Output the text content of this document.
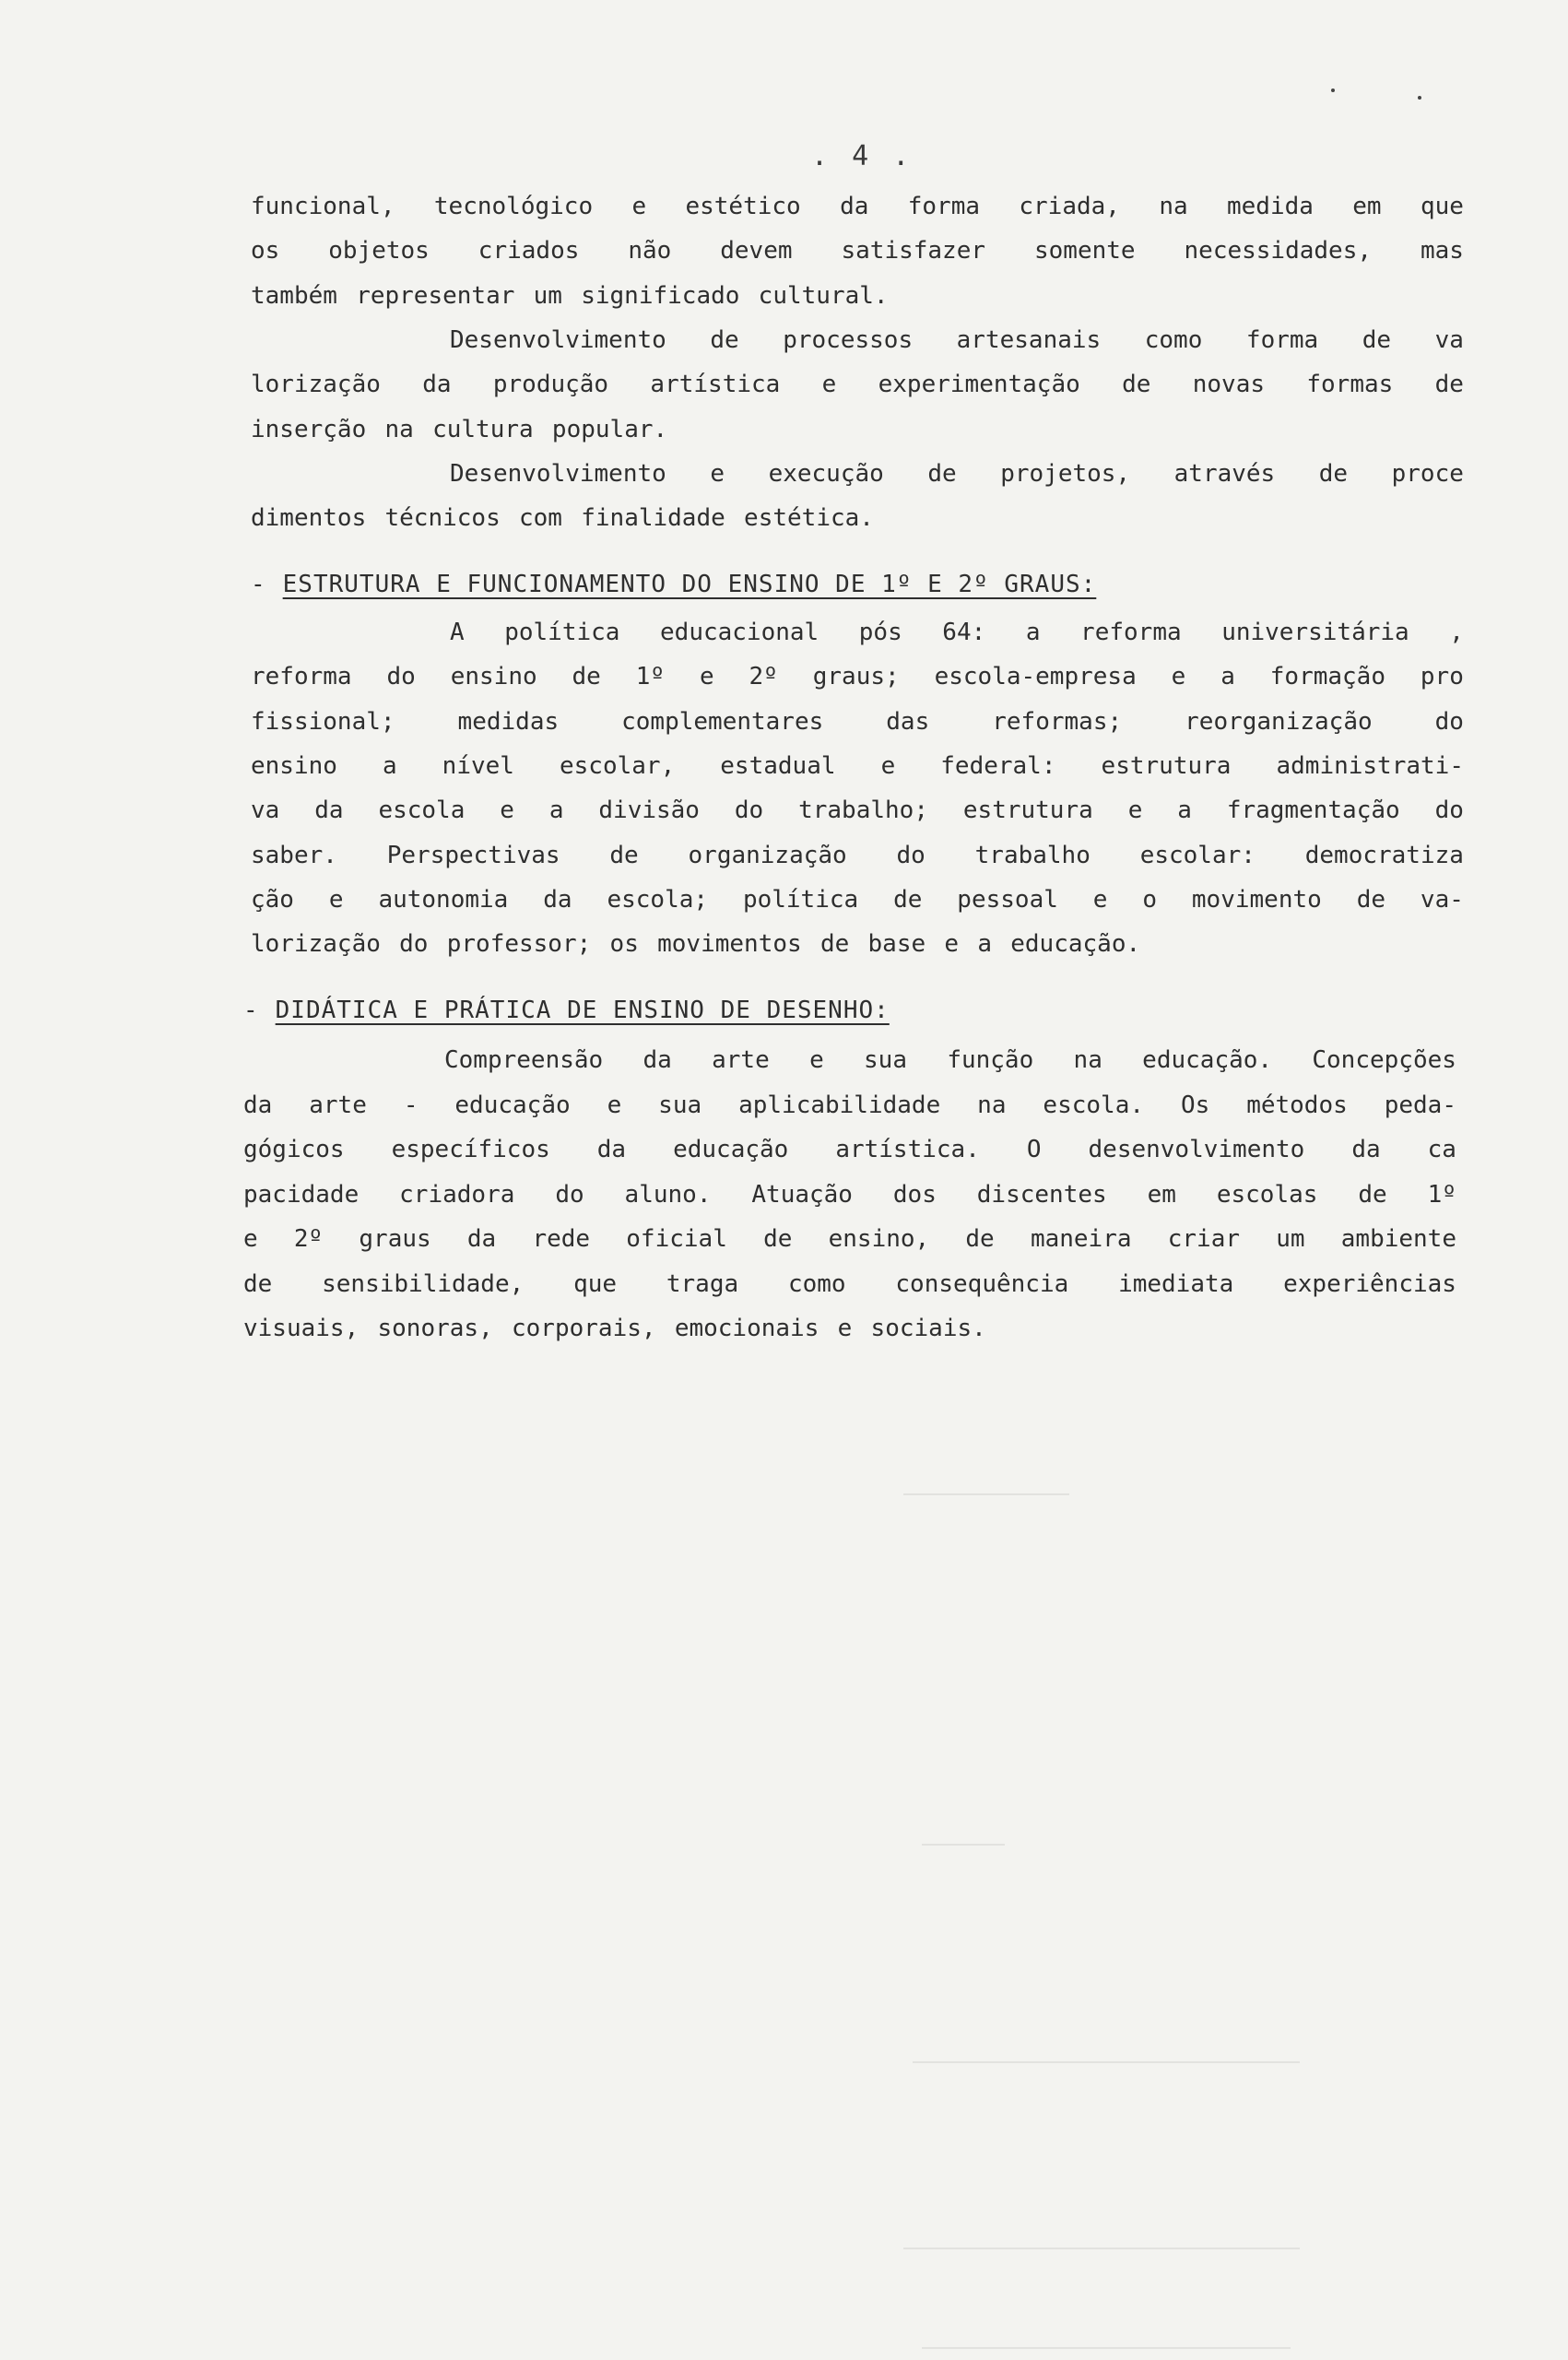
. 4 .
funcional, tecnológico e estético da forma criada, na medida em que
os objetos criados não devem satisfazer somente necessidades, mas
também representar um significado cultural.
Desenvolvimento de processos artesanais como forma de va
lorização da produção artística e experimentação de novas formas de
inserção na cultura popular.
Desenvolvimento e execução de projetos, através de proce
dimentos técnicos com finalidade estética.
- ESTRUTURA E FUNCIONAMENTO DO ENSINO DE 1º E 2º GRAUS:
A política educacional pós 64: a reforma universitária ,
reforma do ensino de 1º e 2º graus; escola-empresa e a formação pro
fissional;	medidas	complementares	das	reformas;	reorganização	do
ensino a nível escolar, estadual e federal: estrutura administrati-
va da escola e a divisão do trabalho; estrutura e a fragmentação do
saber. Perspectivas de organização do trabalho escolar: democratiza
ção e autonomia da escola; política de pessoal e o movimento de va-
lorização do professor; os movimentos de base e a educação.
- DIDÁTICA E PRÁTICA DE ENSINO DE DESENHO:
Compreensão da arte e sua função na educação. Concepções
da arte - educação e sua aplicabilidade na escola. Os métodos peda-
gógicos específicos da educação artística. O desenvolvimento da ca
pacidade criadora do aluno. Atuação dos discentes em escolas de 1º
e 2º graus da rede oficial de ensino, de maneira criar um ambiente
de sensibilidade, que traga como consequência imediata experiências
visuais, sonoras, corporais, emocionais e sociais.
